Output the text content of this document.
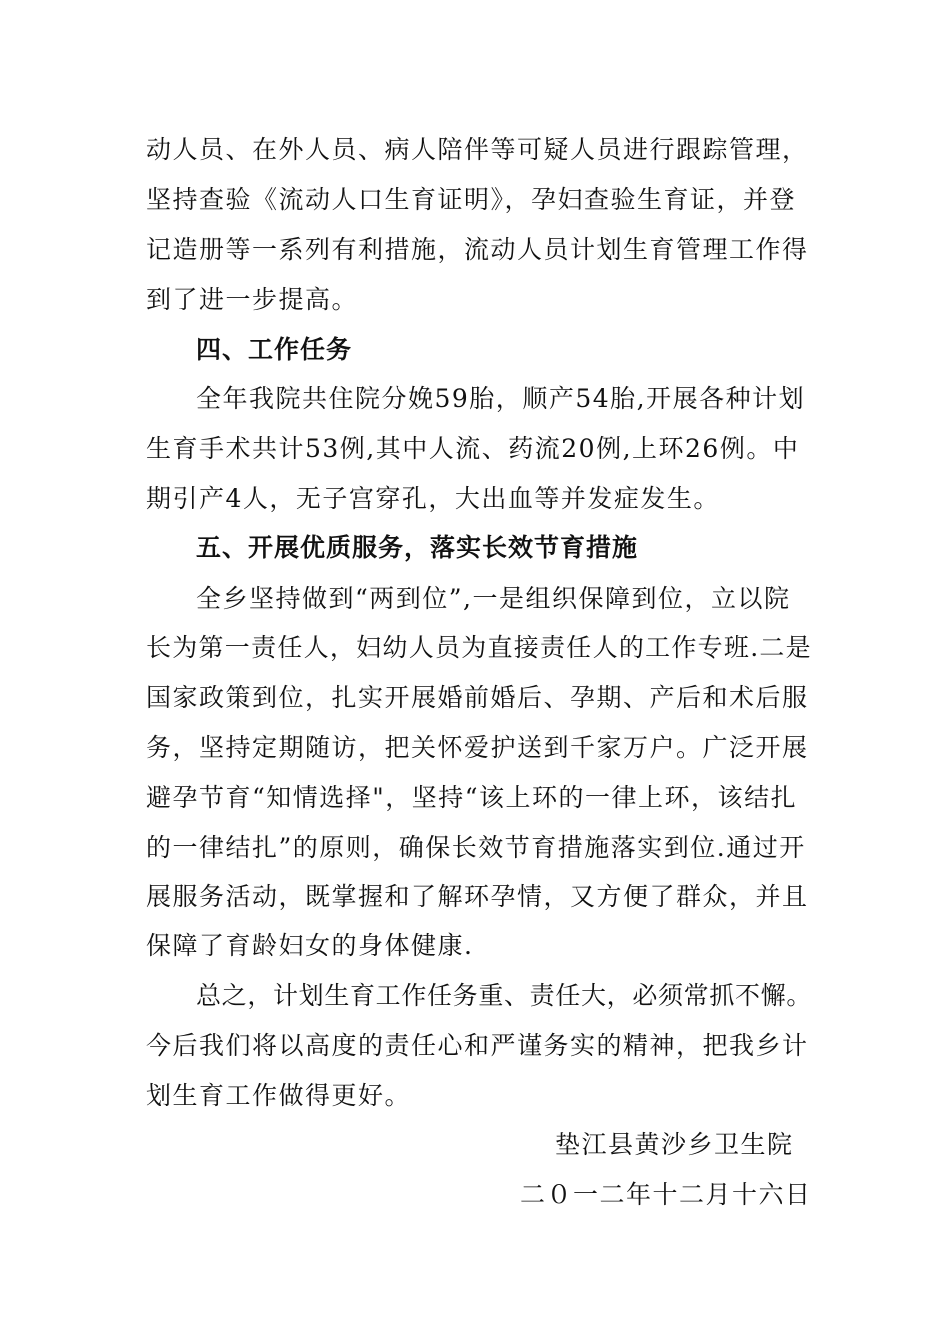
动人员、在外人员、病人陪伴等可疑人员进行跟踪管理，
坚持查验《流动人口生育证明》，孕妇查验生育证，并登
记造册等一系列有利措施，流动人员计划生育管理工作得
到了进一步提高。
四、工作任务
全年我院共住院分娩59胎，顺产54胎,开展各种计划
生育手术共计53例,其中人流、药流20例,上环26例。中
期引产4人，无子宫穿孔，大出血等并发症发生。
五、开展优质服务，落实长效节育措施
全乡坚持做到“两到位”,一是组织保障到位，立以院
长为第一责任人，妇幼人员为直接责任人的工作专班.二是
国家政策到位，扎实开展婚前婚后、孕期、产后和术后服
务，坚持定期随访，把关怀爱护送到千家万户。广泛开展
避孕节育“知情选择"，坚持“该上环的一律上环，该结扎
的一律结扎”的原则，确保长效节育措施落实到位.通过开
展服务活动，既掌握和了解环孕情，又方便了群众，并且
保障了育龄妇女的身体健康.
总之，计划生育工作任务重、责任大，必须常抓不懈。
今后我们将以高度的责任心和严谨务实的精神，把我乡计
划生育工作做得更好。
垫江县黄沙乡卫生院
二０一二年十二月十六日
